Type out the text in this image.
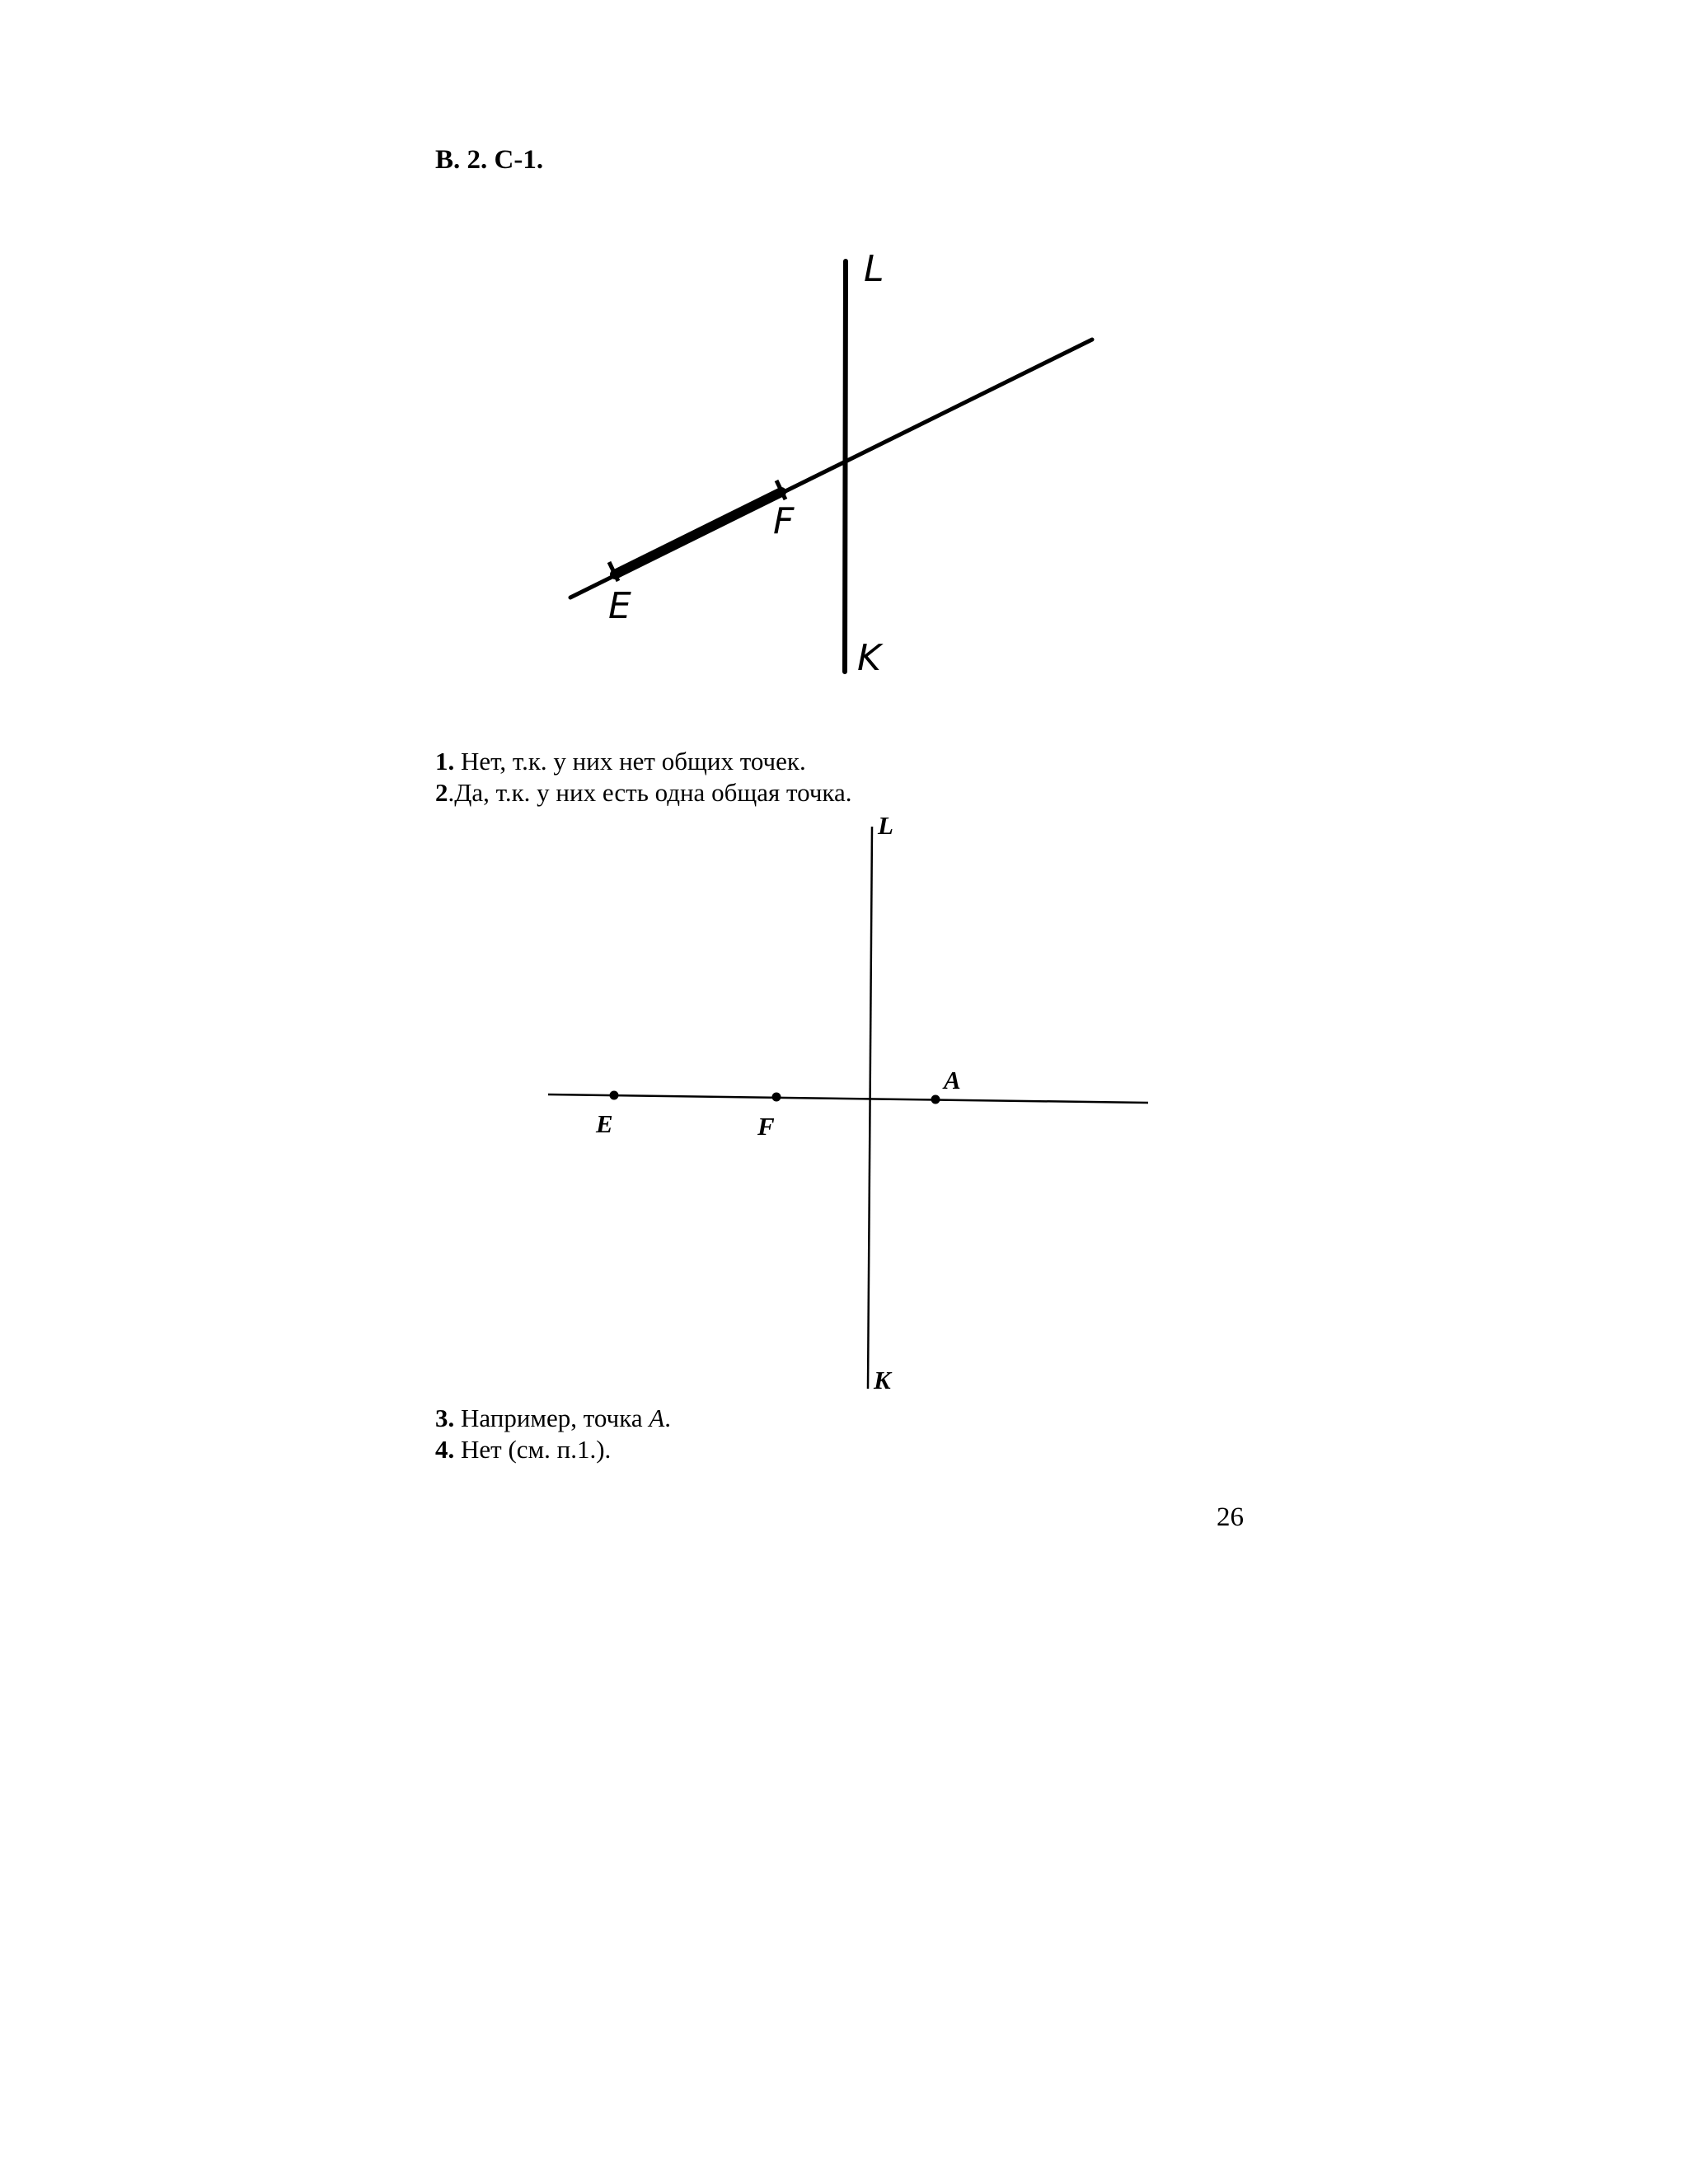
B. 2. C-1.
L
K
E
F
1. Нет, т.к. у них нет общих точек.
2.Да, т.к. у них есть одна общая точка.
L
K
E	F
A
3. Например, точка A.
4. Нет (см. п.1.).
26
